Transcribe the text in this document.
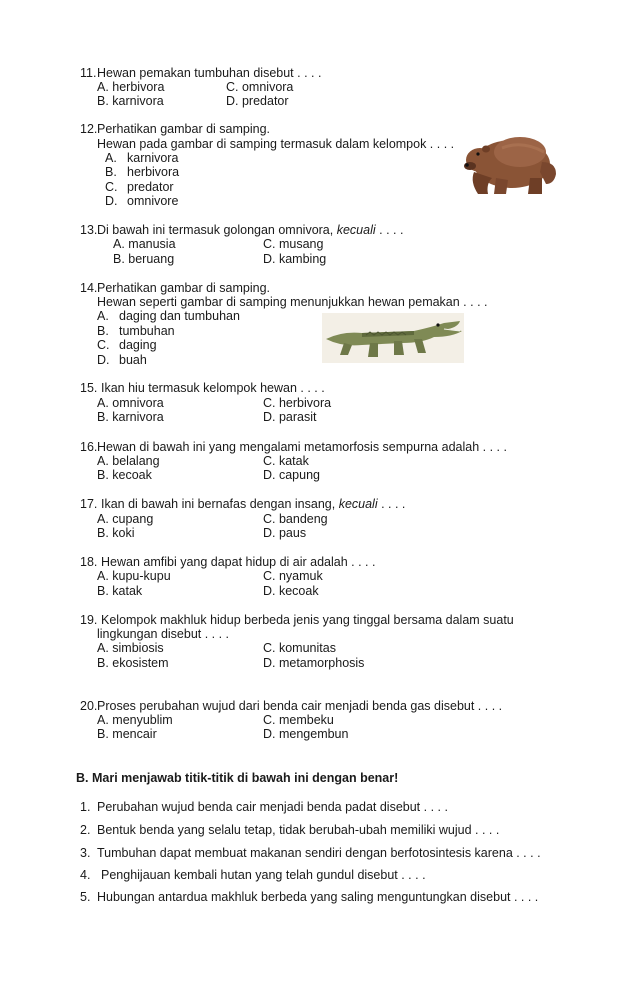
11. Hewan pemakan tumbuhan disebut . . . .
A. herbivora
B. karnivora
C. omnivora
D. predator
12. Perhatikan gambar di samping.
Hewan pada gambar di samping termasuk dalam kelompok . . . .
A. karnivora
B. herbivora
C. predator
D. omnivore
13. Di bawah ini termasuk golongan omnivora, kecuali . . . .
A. manusia
B. beruang
C. musang
D. kambing
14. Perhatikan gambar di samping.
Hewan seperti gambar di samping menunjukkan hewan pemakan . . . .
A. daging dan tumbuhan
B. tumbuhan
C. daging
D. buah
15. Ikan hiu termasuk kelompok hewan . . . .
A. omnivora
B. karnivora
C. herbivora
D. parasit
16. Hewan di bawah ini yang mengalami metamorfosis sempurna adalah . . . .
A. belalang
B. kecoak
C. katak
D. capung
17. Ikan di bawah ini bernafas dengan insang, kecuali . . . .
A. cupang
B. koki
C. bandeng
D. paus
18. Hewan amfibi yang dapat hidup di air adalah . . . .
A. kupu-kupu
B. katak
C. nyamuk
D. kecoak
19. Kelompok makhluk hidup berbeda jenis yang tinggal bersama dalam suatu
lingkungan disebut . . . .
A. simbiosis
B. ekosistem
C. komunitas
D. metamorphosis
20. Proses perubahan wujud dari benda cair menjadi benda gas disebut . . . .
A. menyublim
B. mencair
C. membeku
D. mengembun
B. Mari menjawab titik-titik di bawah ini dengan benar!
1. Perubahan wujud benda cair menjadi benda padat disebut . . . .
2. Bentuk benda yang selalu tetap, tidak berubah-ubah memiliki wujud . . . .
3. Tumbuhan dapat membuat makanan sendiri dengan berfotosintesis karena . . . .
4. Penghijauan kembali hutan yang telah gundul disebut . . . .
5. Hubungan antardua makhluk berbeda yang saling menguntungkan disebut . . . .
